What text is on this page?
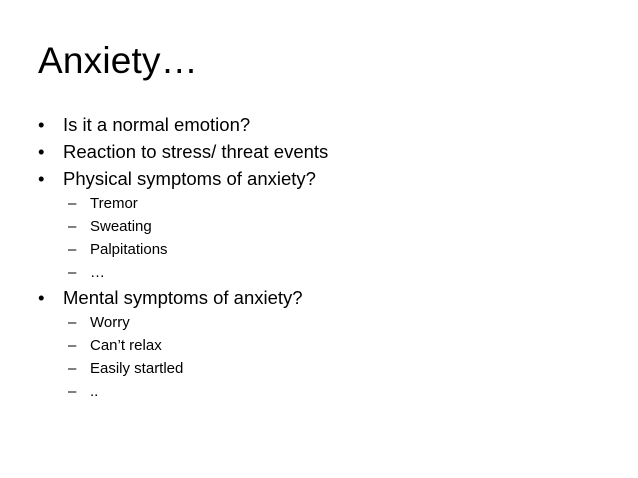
Anxiety…
• Is it a normal emotion?
• Reaction to stress/ threat events
• Physical symptoms of anxiety?
– Tremor
– Sweating
– Palpitations
– …
• Mental symptoms of anxiety?
– Worry
– Can’t relax
– Easily startled
– ..
